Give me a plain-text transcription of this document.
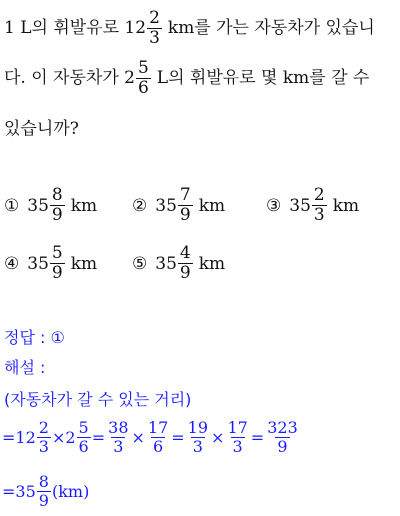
1 L의 휘발유로 $12 \frac{2}{3}$ km를 가는 자동차가 있습니
다. 이 자동차가 $2 \frac{5}{6}$ L의 휘발유로 몇 km를 갈 수
있습니까?
① $35 \frac{8}{9}$ km ② $35 \frac{7}{9}$ km ③ $35 \frac{2}{3}$ km
④ $35 \frac{5}{9}$ km ⑤ $35 \frac{4}{9}$ km
정답 : ①
해설 :
(자동차가 갈 수 있는 거리)
= $12 \frac{2}{3} \times 2 \frac{5}{6} = \frac{38}{3} \times \frac{17}{6} = \frac{19}{3} \times \frac{17}{3} = \frac{323}{9}$
= $35 \frac{8}{9} (km)$
